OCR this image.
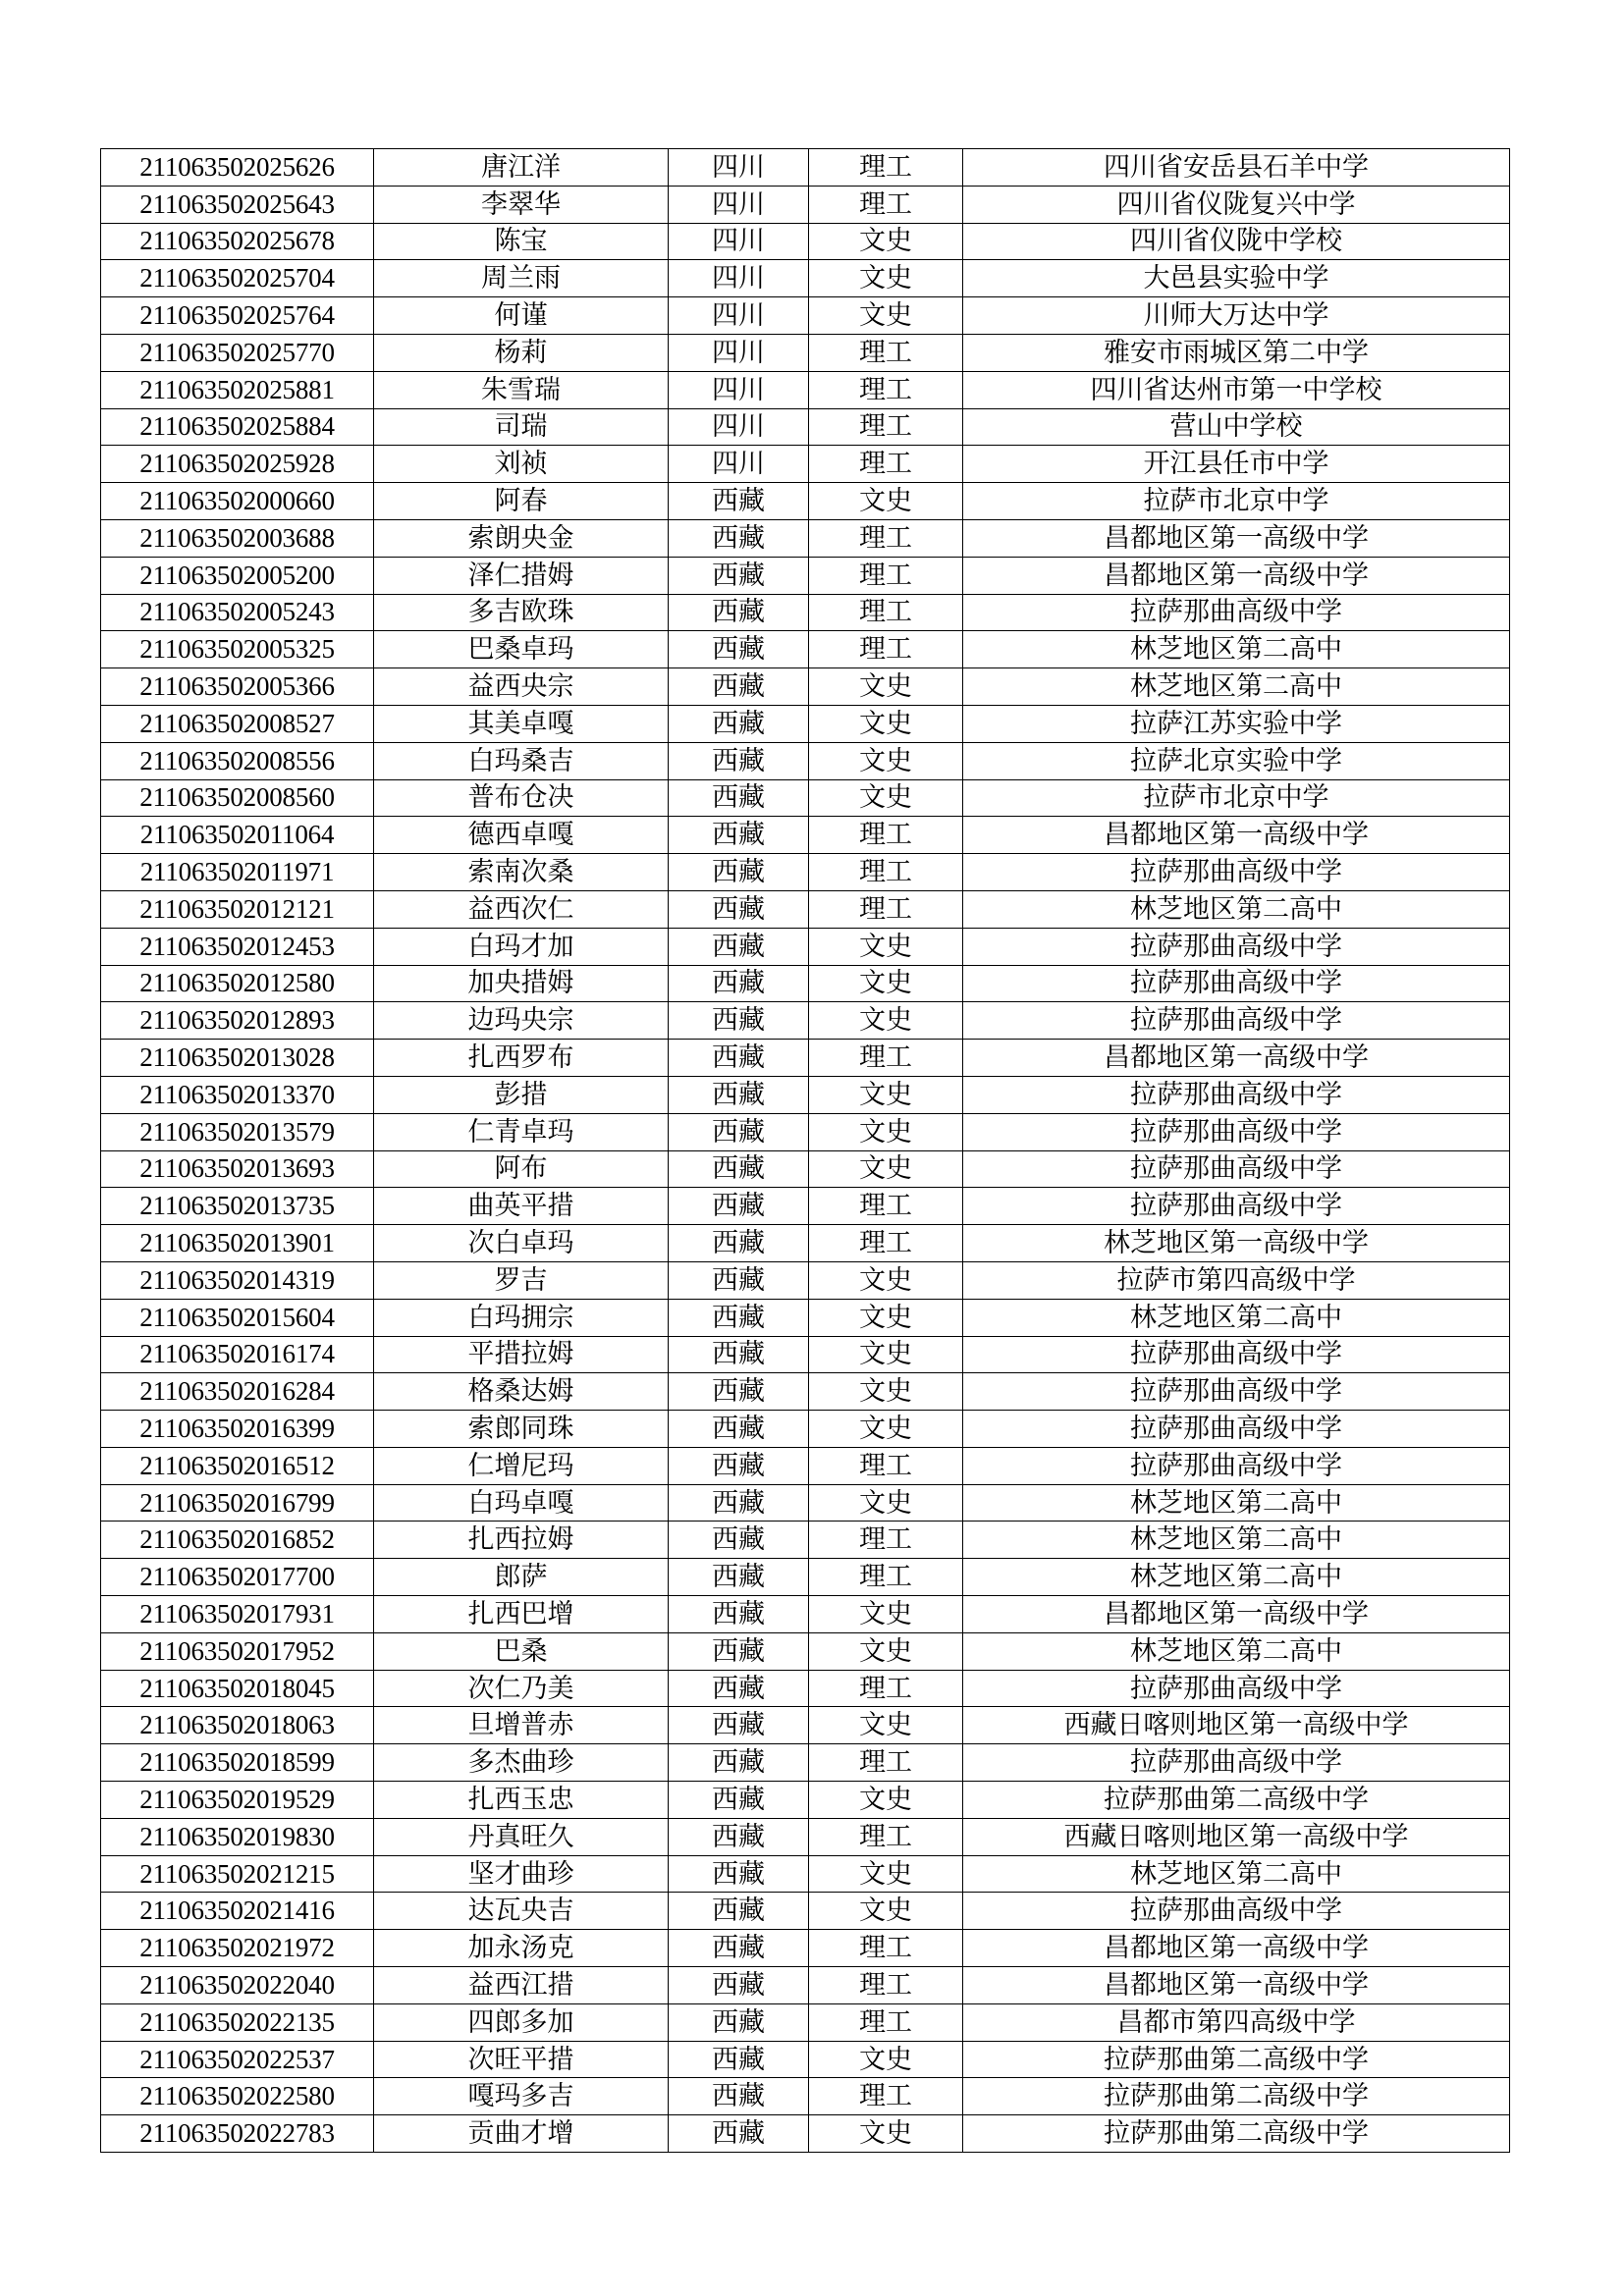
211063502025626	唐江洋	四川	理工	四川省安岳县石羊中学
211063502025643	李翠华	四川	理工	四川省仪陇复兴中学
211063502025678	陈宝	四川	文史	四川省仪陇中学校
211063502025704	周兰雨	四川	文史	大邑县实验中学
211063502025764	何谨	四川	文史	川师大万达中学
211063502025770	杨莉	四川	理工	雅安市雨城区第二中学
211063502025881	朱雪瑞	四川	理工	四川省达州市第一中学校
211063502025884	司瑞	四川	理工	营山中学校
211063502025928	刘祯	四川	理工	开江县任市中学
211063502000660	阿春	西藏	文史	拉萨市北京中学
211063502003688	索朗央金	西藏	理工	昌都地区第一高级中学
211063502005200	泽仁措姆	西藏	理工	昌都地区第一高级中学
211063502005243	多吉欧珠	西藏	理工	拉萨那曲高级中学
211063502005325	巴桑卓玛	西藏	理工	林芝地区第二高中
211063502005366	益西央宗	西藏	文史	林芝地区第二高中
211063502008527	其美卓嘎	西藏	文史	拉萨江苏实验中学
211063502008556	白玛桑吉	西藏	文史	拉萨北京实验中学
211063502008560	普布仓决	西藏	文史	拉萨市北京中学
211063502011064	德西卓嘎	西藏	理工	昌都地区第一高级中学
211063502011971	索南次桑	西藏	理工	拉萨那曲高级中学
211063502012121	益西次仁	西藏	理工	林芝地区第二高中
211063502012453	白玛才加	西藏	文史	拉萨那曲高级中学
211063502012580	加央措姆	西藏	文史	拉萨那曲高级中学
211063502012893	边玛央宗	西藏	文史	拉萨那曲高级中学
211063502013028	扎西罗布	西藏	理工	昌都地区第一高级中学
211063502013370	彭措	西藏	文史	拉萨那曲高级中学
211063502013579	仁青卓玛	西藏	文史	拉萨那曲高级中学
211063502013693	阿布	西藏	文史	拉萨那曲高级中学
211063502013735	曲英平措	西藏	理工	拉萨那曲高级中学
211063502013901	次白卓玛	西藏	理工	林芝地区第一高级中学
211063502014319	罗吉	西藏	文史	拉萨市第四高级中学
211063502015604	白玛拥宗	西藏	文史	林芝地区第二高中
211063502016174	平措拉姆	西藏	文史	拉萨那曲高级中学
211063502016284	格桑达姆	西藏	文史	拉萨那曲高级中学
211063502016399	索郎同珠	西藏	文史	拉萨那曲高级中学
211063502016512	仁增尼玛	西藏	理工	拉萨那曲高级中学
211063502016799	白玛卓嘎	西藏	文史	林芝地区第二高中
211063502016852	扎西拉姆	西藏	理工	林芝地区第二高中
211063502017700	郎萨	西藏	理工	林芝地区第二高中
211063502017931	扎西巴增	西藏	文史	昌都地区第一高级中学
211063502017952	巴桑	西藏	文史	林芝地区第二高中
211063502018045	次仁乃美	西藏	理工	拉萨那曲高级中学
211063502018063	旦增普赤	西藏	文史	西藏日喀则地区第一高级中学
211063502018599	多杰曲珍	西藏	理工	拉萨那曲高级中学
211063502019529	扎西玉忠	西藏	文史	拉萨那曲第二高级中学
211063502019830	丹真旺久	西藏	理工	西藏日喀则地区第一高级中学
211063502021215	坚才曲珍	西藏	文史	林芝地区第二高中
211063502021416	达瓦央吉	西藏	文史	拉萨那曲高级中学
211063502021972	加永汤克	西藏	理工	昌都地区第一高级中学
211063502022040	益西江措	西藏	理工	昌都地区第一高级中学
211063502022135	四郎多加	西藏	理工	昌都市第四高级中学
211063502022537	次旺平措	西藏	文史	拉萨那曲第二高级中学
211063502022580	嘎玛多吉	西藏	理工	拉萨那曲第二高级中学
211063502022783	贡曲才增	西藏	文史	拉萨那曲第二高级中学
